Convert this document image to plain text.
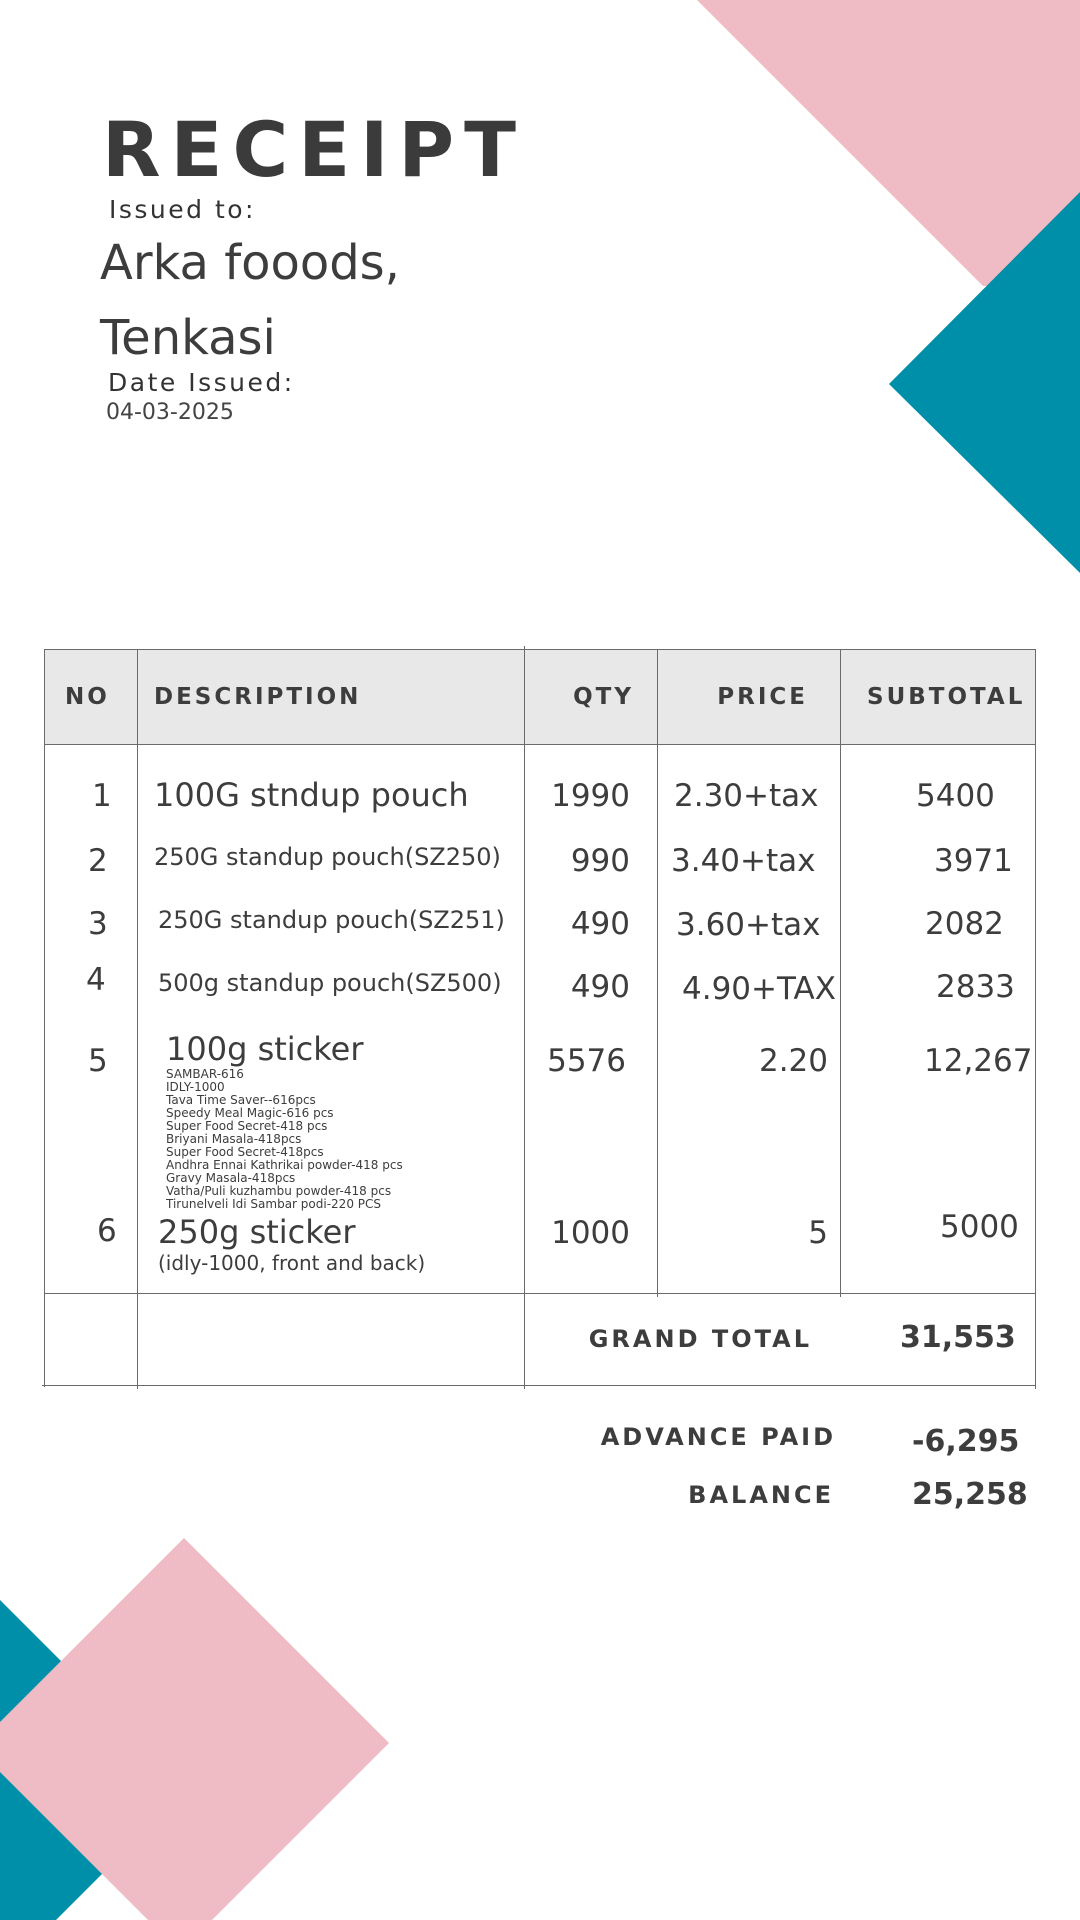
RECEIPT
Issued to:
Arka fooods,
Tenkasi
Date Issued:
04-03-2025
NO DESCRIPTION	QTY	PRICE	SUBTOTAL
1 100G stndup pouch	1990 2.30+tax	5400
2 250G standup pouch(SZ250)	990 3.40+tax	3971
3 250G standup pouch(SZ251)	490 3.60+tax	2082
4 500g standup pouch(SZ500)	490 4.90+TAX	2833
5 100g sticker
SAMBAR-616
IDLY-1000
Tava Time Saver--616pcs
Speedy Meal Magic-616 pcs
Super Food Secret-418 pcs
Briyani Masala-418pcs
Super Food Secret-418pcs
Andhra Ennai Kathrikai powder-418 pcs
Gravy Masala-418pcs
Vatha/Puli kuzhambu powder-418 pcs
Tirunelveli Idi Sambar podi-220 PCS
5576	2.20	12,267
6 250g sticker
(idly-1000, front and back)
1000	5	5000
GRAND TOTAL	31,553
ADVANCE PAID	-6,295
BALANCE	25,258
